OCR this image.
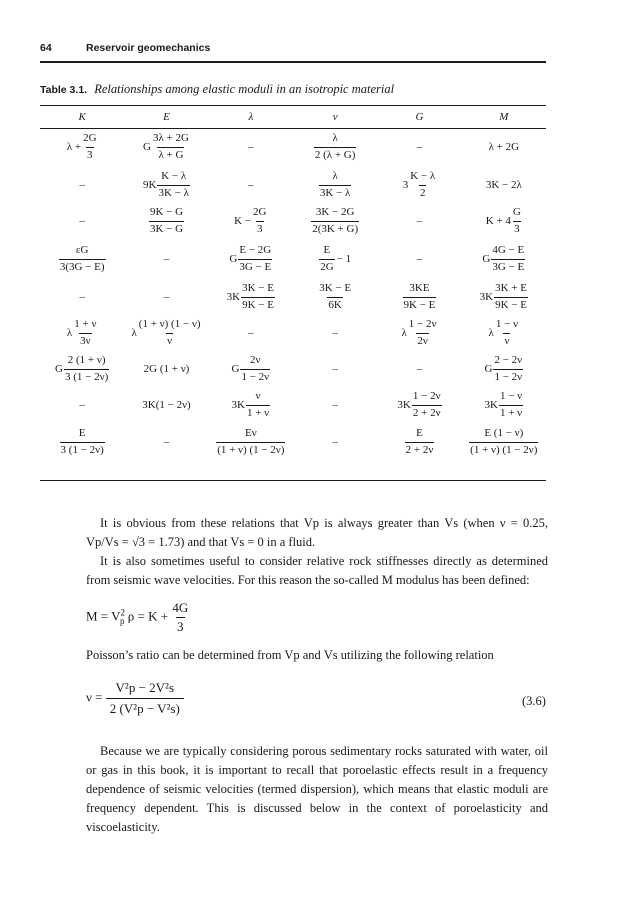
64	Reservoir geomechanics
Table 3.1. Relationships among elastic moduli in an isotropic material
K	E	λ	ν	G	M
$\lambda + \frac{2G}{3}$	G $\frac{3\lambda + 2G}{\lambda + G}$	–	$\frac{\lambda}{2 (\lambda + G)}$	–	λ + 2G
–	$9K \frac{K - \lambda}{3K - \lambda}$	–	$\frac{\lambda}{3K - \lambda}$	$3 \frac{K - \lambda}{2}$	3K − 2λ
–	$\frac{9K - G}{3K - G}$	$K - \frac{2G}{3}$	$\frac{3K - 2G}{2(3K + G)}$	–	$K + 4 \frac{G}{3}$
$\frac{\varepsilon G}{3(3G - E)}$	–	G $\frac{E - 2G}{3G - E}$	$\frac{E}{2G} - 1$	–	G $\frac{4G - E}{3G - E}$
–	–	$3K \frac{3K - E}{9K - E}$	$\frac{3K - E}{6K}$	$\frac{3KE}{9K - E}$	$3K \frac{3K + E}{9K - E}$
λ $\frac{1 + \nu}{3\nu}$	λ $\frac{(1 + \nu) (1 - \nu)}{\nu}$	–	–	λ $\frac{1 - 2\nu}{2\nu}$	λ $\frac{1 - \nu}{\nu}$
G $\frac{2 (1 + \nu)}{3 (1 - 2\nu)}$	2G (1 + ν)	G $\frac{2\nu}{1 - 2\nu}$	–	–	G $\frac{2 - 2\nu}{1 - 2\nu}$
–	3K(1 − 2ν)	$3K \frac{\nu}{1 + \nu}$	–	$3K \frac{1 - 2\nu}{2 + 2\nu}$	$3K \frac{1 - \nu}{1 + \nu}$
$\frac{E}{3 (1 - 2\nu)}$	–	$\frac{E\nu}{(1 + \nu) (1 - 2\nu)}$	–	$\frac{E}{2 + 2\nu}$	$\frac{E (1 - \nu)}{(1 + \nu) (1 - 2\nu)}$

It is obvious from these relations that Vp is always greater than Vs (when ν = 0.25, Vp/Vs = √3 = 1.73) and that Vs = 0 in a fluid.

It is also sometimes useful to consider relative rock stiffnesses directly as determined from seismic wave velocities. For this reason the so-called M modulus has been defined:

$M = V^2_p$ $\rho = K + \frac{4G}{3}$
Poisson’s ratio can be determined from Vp and Vs utilizing the following relation
$\nu = \frac{\text{V²p − 2V²s}}{\text{2 (V²p − V²s)}}$	(3.6)

Because we are typically considering porous sedimentary rocks saturated with water, oil or gas in this book, it is important to recall that poroelastic effects result in a frequency dependence of seismic velocities (termed dispersion), which means that elastic moduli are frequency dependent. This is discussed below in the context of poroelasticity and viscoelasticity.
